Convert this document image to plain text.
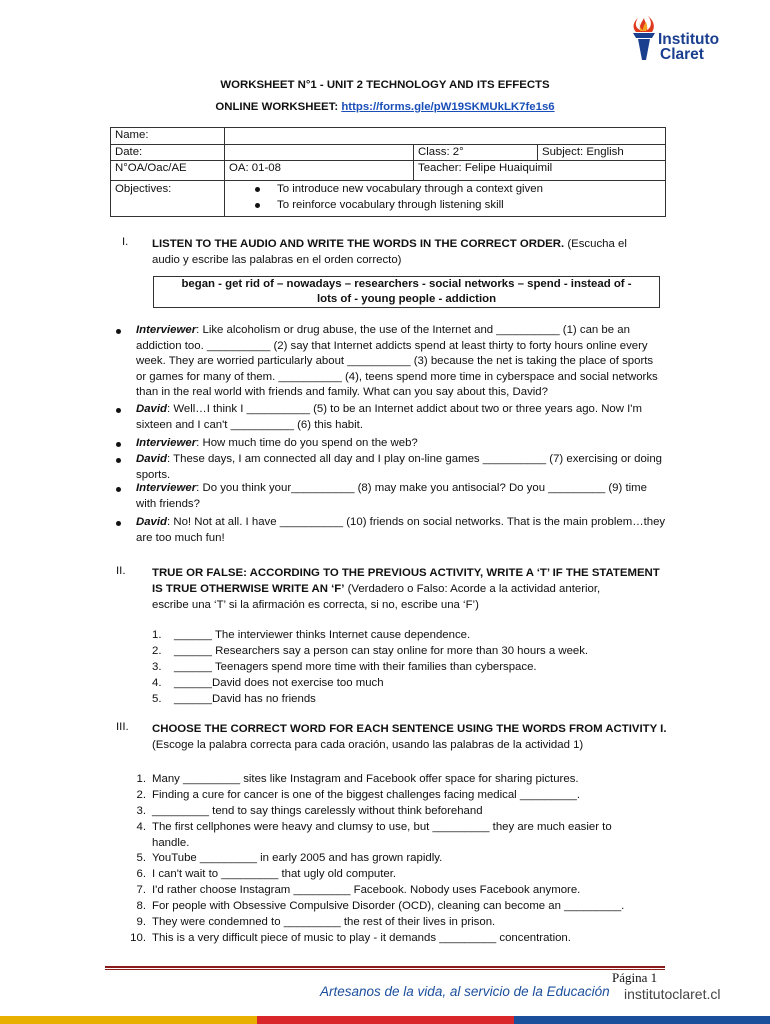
Instituto
Claret
WORKSHEET N°1 - UNIT 2 TECHNOLOGY AND ITS EFFECTS
ONLINE WORKSHEET: https://forms.gle/pW19SKMUkLK7fe1s6
Name:			
Date:		Class: 2°	Subject: English
N°OA/Oac/AE	OA: 01-08	Teacher: Felipe Huaiquimil	
Objectives:	To introduce new vocabulary through a context given
To reinforce vocabulary through listening skill		
I. LISTEN TO THE AUDIO AND WRITE THE WORDS IN THE CORRECT ORDER. (Escucha el
audio y escribe las palabras en el orden correcto)
began - get rid of – nowadays – researchers - social networks – spend - instead of -
lots of - young people - addiction
Interviewer: Like alcoholism or drug abuse, the use of the Internet and __________ (1) can be an
addiction too. __________ (2) say that Internet addicts spend at least thirty to forty hours online every
week. They are worried particularly about __________ (3) because the net is taking the place of sports
or games for many of them. __________ (4), teens spend more time in cyberspace and social networks
than in the real world with friends and family. What can you say about this, David?
David: Well…I think I __________ (5) to be an Internet addict about two or three years ago. Now I'm
sixteen and I can't __________ (6) this habit.
Interviewer: How much time do you spend on the web?
David: These days, I am connected all day and I play on-line games __________ (7) exercising or doing
sports.
Interviewer: Do you think your__________ (8) may make you antisocial? Do you _________ (9) time
with friends?
David: No! Not at all. I have __________ (10) friends on social networks. That is the main problem…they
are too much fun!
II. TRUE OR FALSE: ACCORDING TO THE PREVIOUS ACTIVITY, WRITE A ‘T’ IF THE STATEMENT
IS TRUE OTHERWISE WRITE AN ‘F’ (Verdadero o Falso: Acorde a la actividad anterior,
escribe una ‘T’ si la afirmación es correcta, si no, escribe una ‘F’)
1. ______ The interviewer thinks Internet cause dependence.
2. ______ Researchers say a person can stay online for more than 30 hours a week.
3. ______ Teenagers spend more time with their families than cyberspace.
4. ______David does not exercise too much
5. ______David has no friends
III. CHOOSE THE CORRECT WORD FOR EACH SENTENCE USING THE WORDS FROM ACTIVITY I.
(Escoge la palabra correcta para cada oración, usando las palabras de la actividad 1)
1. Many _________ sites like Instagram and Facebook offer space for sharing pictures.
2. Finding a cure for cancer is one of the biggest challenges facing medical _________.
3. _________ tend to say things carelessly without think beforehand
4. The first cellphones were heavy and clumsy to use, but _________ they are much easier to
handle.
5. YouTube _________ in early 2005 and has grown rapidly.
6. I can't wait to _________ that ugly old computer.
7. I'd rather choose Instagram _________ Facebook. Nobody uses Facebook anymore.
8. For people with Obsessive Compulsive Disorder (OCD), cleaning can become an _________.
9. They were condemned to _________ the rest of their lives in prison.
10. This is a very difficult piece of music to play - it demands _________ concentration.
Página 1
Artesanos de la vida, al servicio de la Educación institutoclaret.cl
